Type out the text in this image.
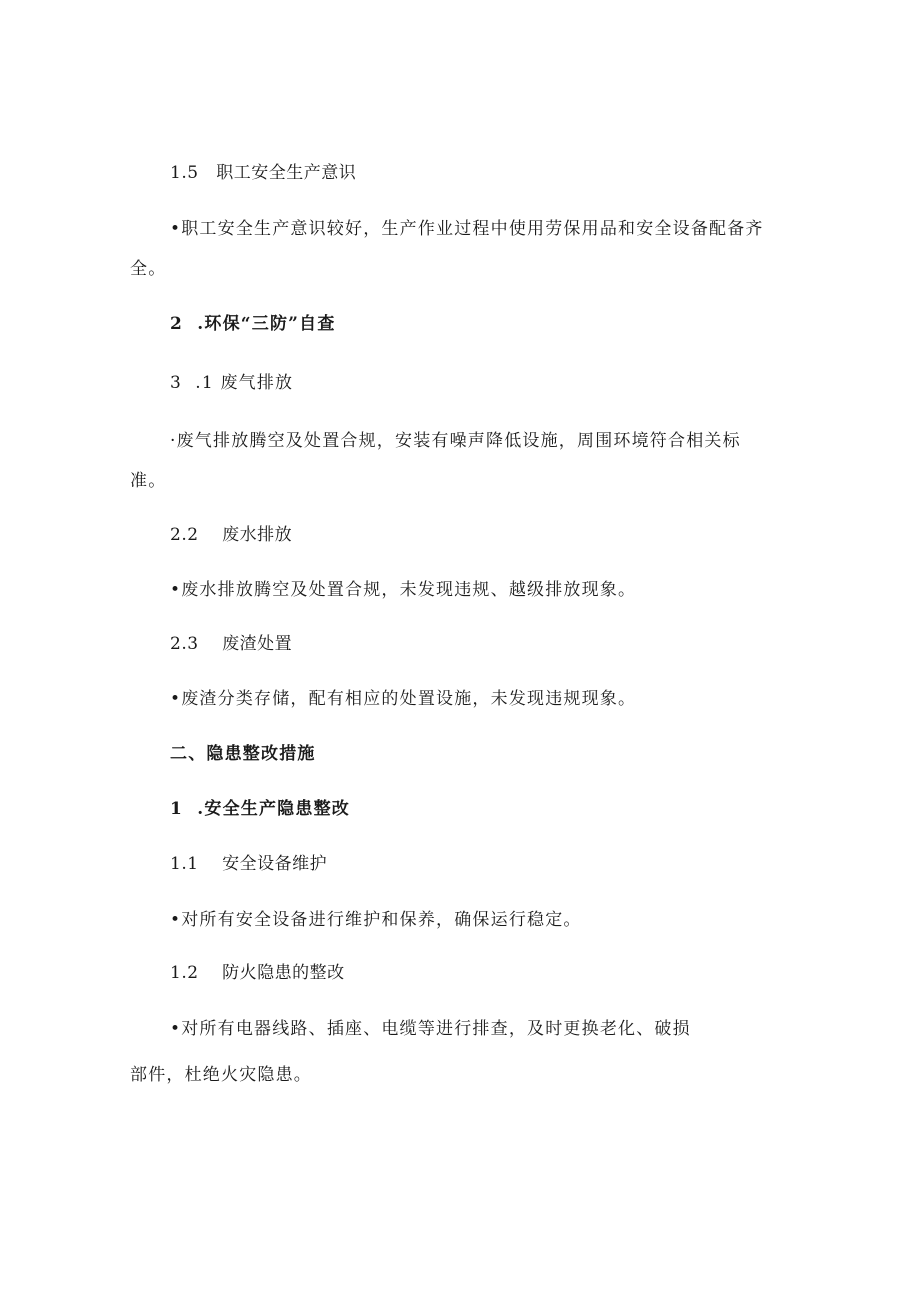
1.5   职工安全生产意识
•职工安全生产意识较好，生产作业过程中使用劳保用品和安全设备配备齐
全。
2  .环保“三防”自查
3  .1 废气排放
·废气排放腾空及处置合规，安装有噪声降低设施，周围环境符合相关标
准。
2.2    废水排放
•废水排放腾空及处置合规，未发现违规、越级排放现象。
2.3    废渣处置
•废渣分类存储，配有相应的处置设施，未发现违规现象。
二、隐患整改措施
1  .安全生产隐患整改
1.1    安全设备维护
•对所有安全设备进行维护和保养，确保运行稳定。
1.2    防火隐患的整改
•对所有电器线路、插座、电缆等进行排查，及时更换老化、破损
部件，杜绝火灾隐患。
